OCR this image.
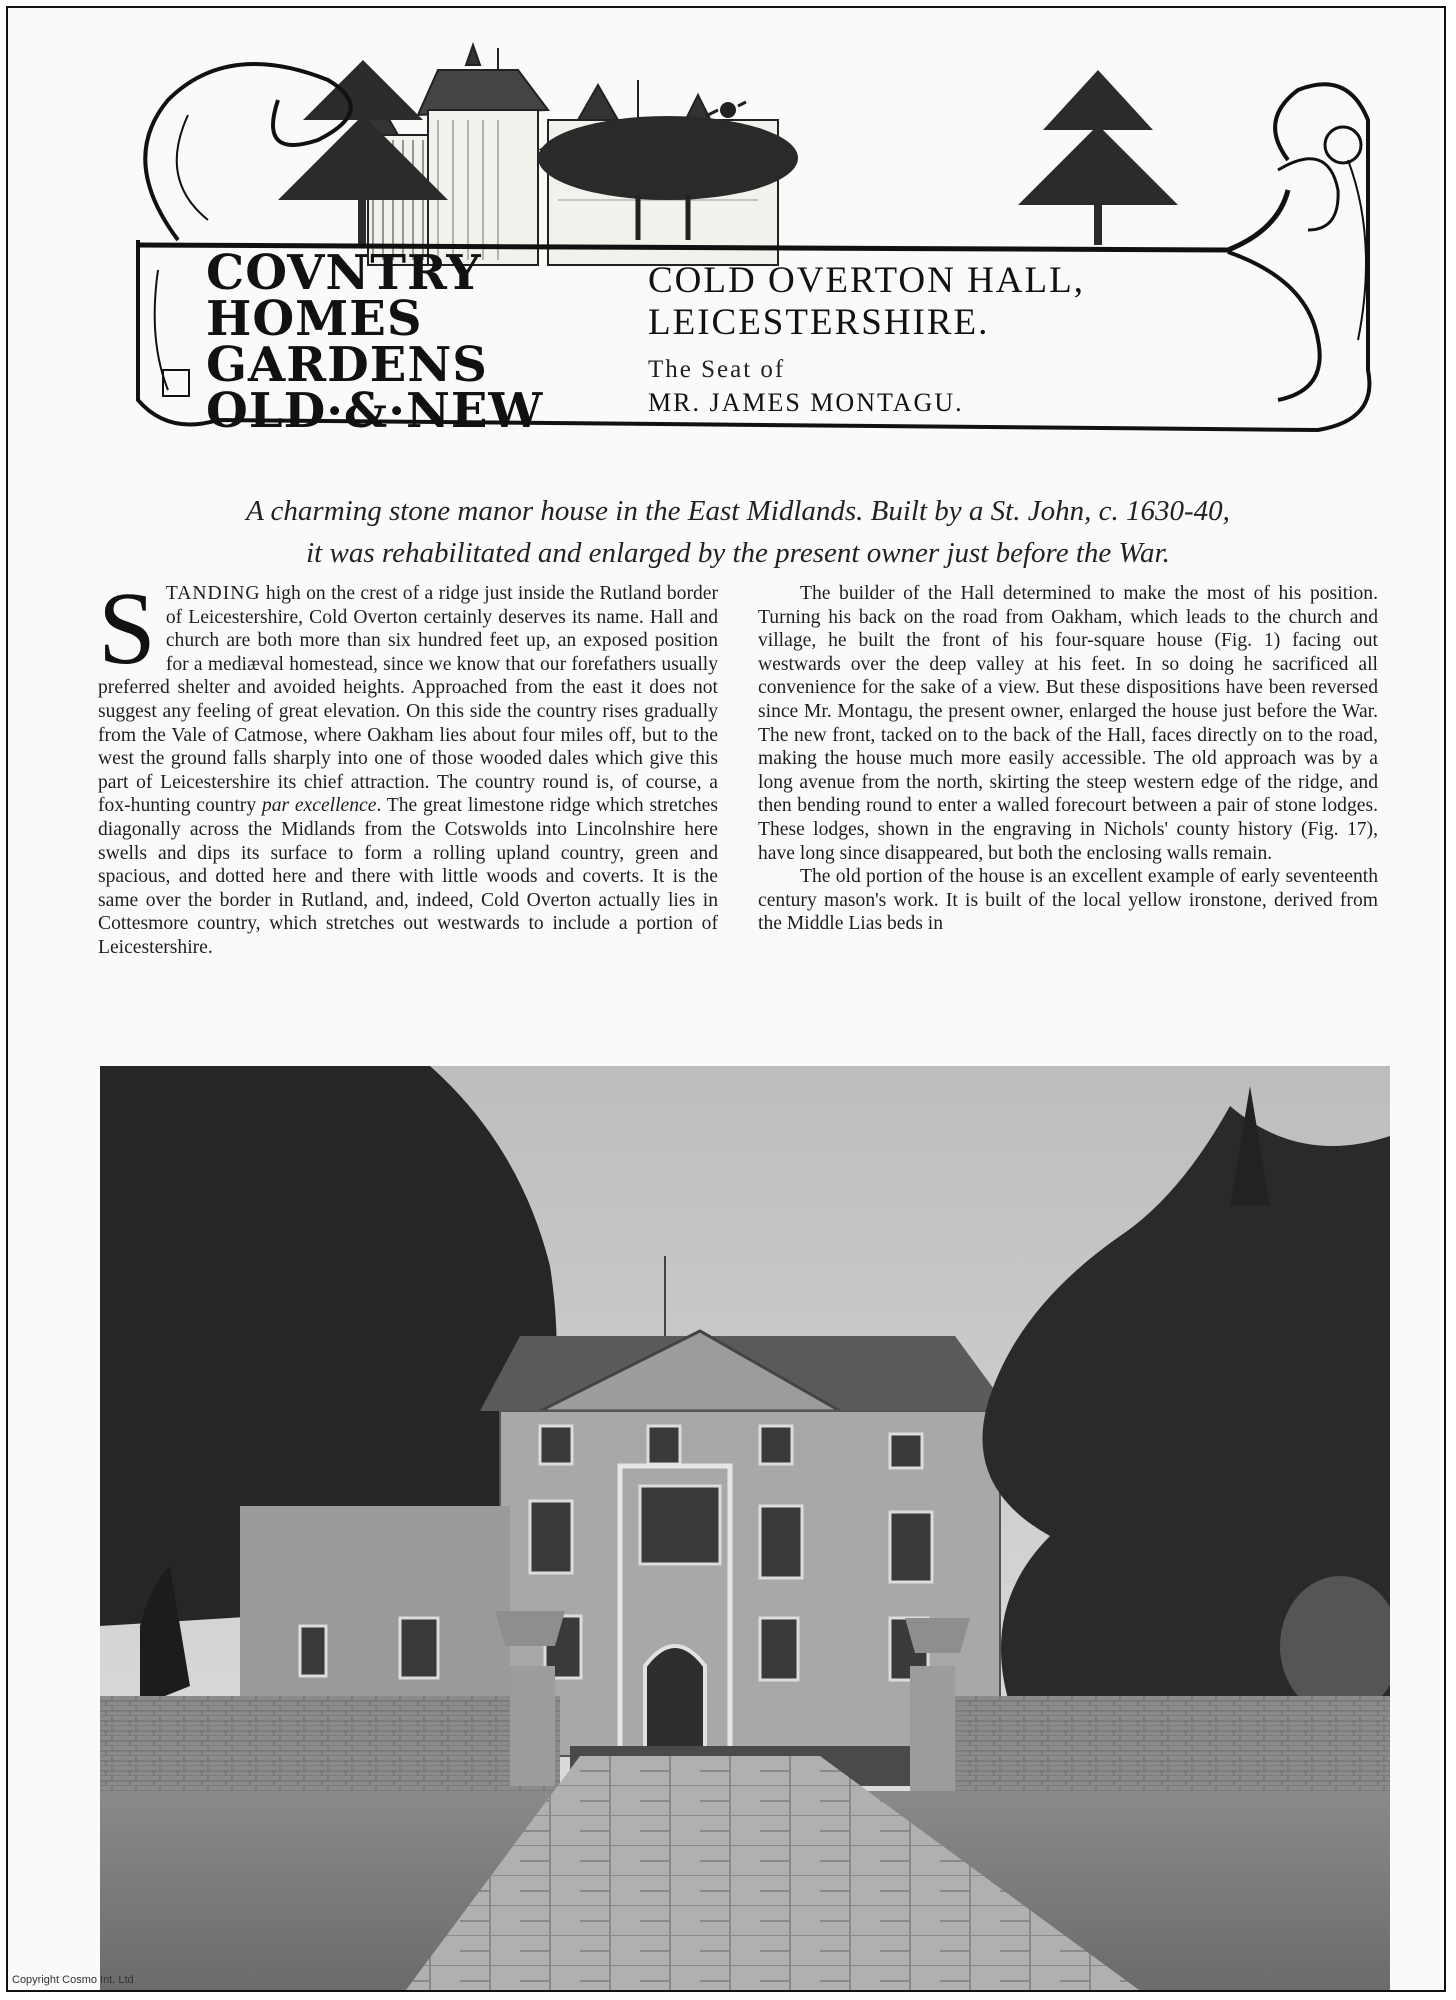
COVNTRY
HOMES
GARDENS
OLD·&·NEW
COLD OVERTON HALL,
LEICESTERSHIRE.
The Seat of
MR. JAMES MONTAGU.
A charming stone manor house in the East Midlands. Built by a St. John, c. 1630-40,
it was rehabilitated and enlarged by the present owner just before the War.

STANDING high on the crest of a ridge just inside the Rutland border of Leicestershire, Cold Overton certainly deserves its name. Hall and church are both more than six hundred feet up, an exposed position for a mediæval homestead, since we know that our forefathers usually preferred shelter and avoided heights. Approached from the east it does not suggest any feeling of great elevation. On this side the country rises gradually from the Vale of Catmose, where Oakham lies about four miles off, but to the west the ground falls sharply into one of those wooded dales which give this part of Leicestershire its chief attraction. The country round is, of course, a fox-hunting country par excellence. The great limestone ridge which stretches diagonally across the Midlands from the Cotswolds into Lincolnshire here swells and dips its surface to form a rolling upland country, green and spacious, and dotted here and there with little woods and coverts. It is the same over the border in Rutland, and, indeed, Cold Overton actually lies in Cottesmore country, which stretches out westwards to include a portion of Leicestershire.

The builder of the Hall determined to make the most of his position. Turning his back on the road from Oakham, which leads to the church and village, he built the front of his four-square house (Fig. 1) facing out westwards over the deep valley at his feet. In so doing he sacrificed all convenience for the sake of a view. But these dispositions have been reversed since Mr. Montagu, the present owner, enlarged the house just before the War. The new front, tacked on to the back of the Hall, faces directly on to the road, making the house much more easily accessible. The old approach was by a long avenue from the north, skirting the steep western edge of the ridge, and then bending round to enter a walled forecourt between a pair of stone lodges. These lodges, shown in the engraving in Nichols' county history (Fig. 17), have long since disappeared, but both the enclosing walls remain.

The old portion of the house is an excellent example of early seventeenth century mason's work. It is built of the local yellow ironstone, derived from the Middle Lias beds in

Copyright Cosmo Int. Ltd
